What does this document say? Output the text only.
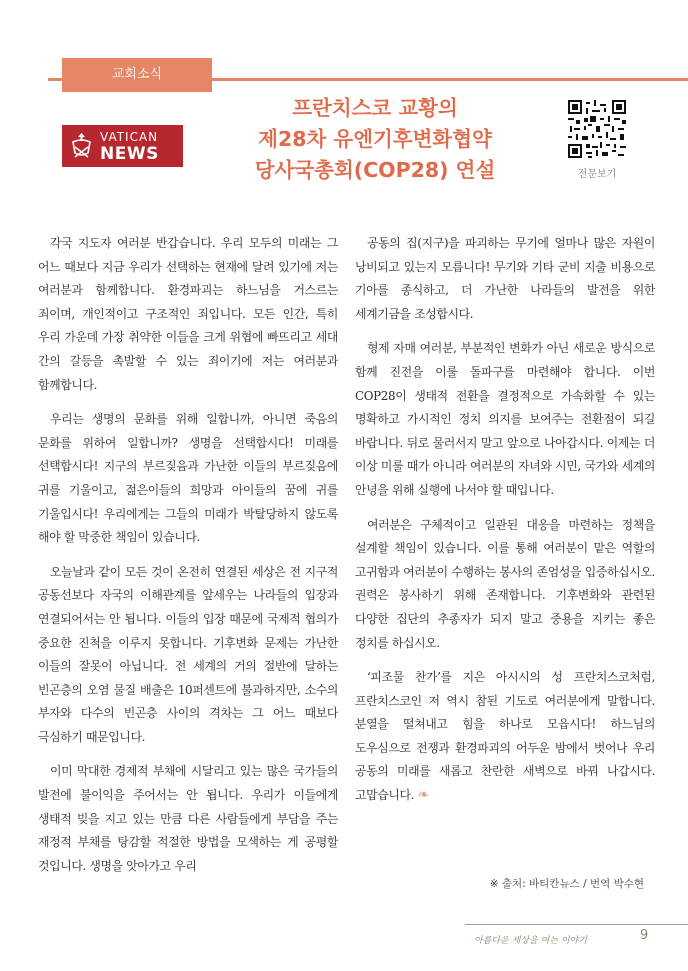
교회소식
VATICAN
NEWS
프란치스코 교황의
제28차 유엔기후변화협약
당사국총회(COP28) 연설	전문보기

각국 지도자 여러분 반갑습니다. 우리 모두의 미래는 그 어느 때보다 지금 우리가 선택하는 현재에 달려 있기에 저는 여러분과 함께합니다. 환경파괴는 하느님을 거스르는 죄이며, 개인적이고 구조적인 죄입니다. 모든 인간, 특히 우리 가운데 가장 취약한 이들을 크게 위협에 빠뜨리고 세대 간의 갈등을 촉발할 수 있는 죄이기에 저는 여러분과 함께합니다.

우리는 생명의 문화를 위해 일합니까, 아니면 죽음의 문화를 위하여 일합니까? 생명을 선택합시다! 미래를 선택합시다! 지구의 부르짖음과 가난한 이들의 부르짖음에 귀를 기울이고, 젊은이들의 희망과 아이들의 꿈에 귀를 기울입시다! 우리에게는 그들의 미래가 박탈당하지 않도록 해야 할 막중한 책임이 있습니다.

오늘날과 같이 모든 것이 온전히 연결된 세상은 전 지구적 공동선보다 자국의 이해관계를 앞세우는 나라들의 입장과 연결되어서는 안 됩니다. 이들의 입장 때문에 국제적 협의가 중요한 진척을 이루지 못합니다. 기후변화 문제는 가난한 이들의 잘못이 아닙니다. 전 세계의 거의 절반에 달하는 빈곤층의 오염 물질 배출은 10퍼센트에 불과하지만, 소수의 부자와 다수의 빈곤층 사이의 격차는 그 어느 때보다 극심하기 때문입니다.

이미 막대한 경제적 부채에 시달리고 있는 많은 국가들의 발전에 불이익을 주어서는 안 됩니다. 우리가 이들에게 생태적 빚을 지고 있는 만큼 다른 사람들에게 부담을 주는 재정적 부채를 탕감할 적절한 방법을 모색하는 게 공평할 것입니다. 생명을 앗아가고 우리

공동의 집(지구)을 파괴하는 무기에 얼마나 많은 자원이 낭비되고 있는지 모릅니다! 무기와 기타 군비 지출 비용으로 기아를 종식하고, 더 가난한 나라들의 발전을 위한 세계기금을 조성합시다.

형제 자매 여러분, 부분적인 변화가 아닌 새로운 방식으로 함께 진전을 이룰 돌파구를 마련해야 합니다. 이번 COP28이 생태적 전환을 결정적으로 가속화할 수 있는 명확하고 가시적인 정치 의지를 보여주는 전환점이 되길 바랍니다. 뒤로 물러서지 말고 앞으로 나아갑시다. 이제는 더 이상 미룰 때가 아니라 여러분의 자녀와 시민, 국가와 세계의 안녕을 위해 실행에 나서야 할 때입니다.

여러분은 구체적이고 일관된 대응을 마련하는 정책을 설계할 책임이 있습니다. 이를 통해 여러분이 맡은 역할의 고귀함과 여러분이 수행하는 봉사의 존엄성을 입증하십시오. 권력은 봉사하기 위해 존재합니다. 기후변화와 관련된 다양한 집단의 추종자가 되지 말고 중용을 지키는 좋은 정치를 하십시오.

‘피조물 찬가’를 지은 아시시의 성 프란치스코처럼, 프란치스코인 저 역시 참된 기도로 여러분에게 말합니다. 분열을 떨쳐내고 힘을 하나로 모읍시다! 하느님의 도우심으로 전쟁과 환경파괴의 어두운 밤에서 벗어나 우리 공동의 미래를 새롭고 찬란한 새벽으로 바꿔 나갑시다. 고맙습니다. ❧

※ 출처: 바티칸뉴스 / 번역 박수현
아름다운 세상을 여는 이야기	9
